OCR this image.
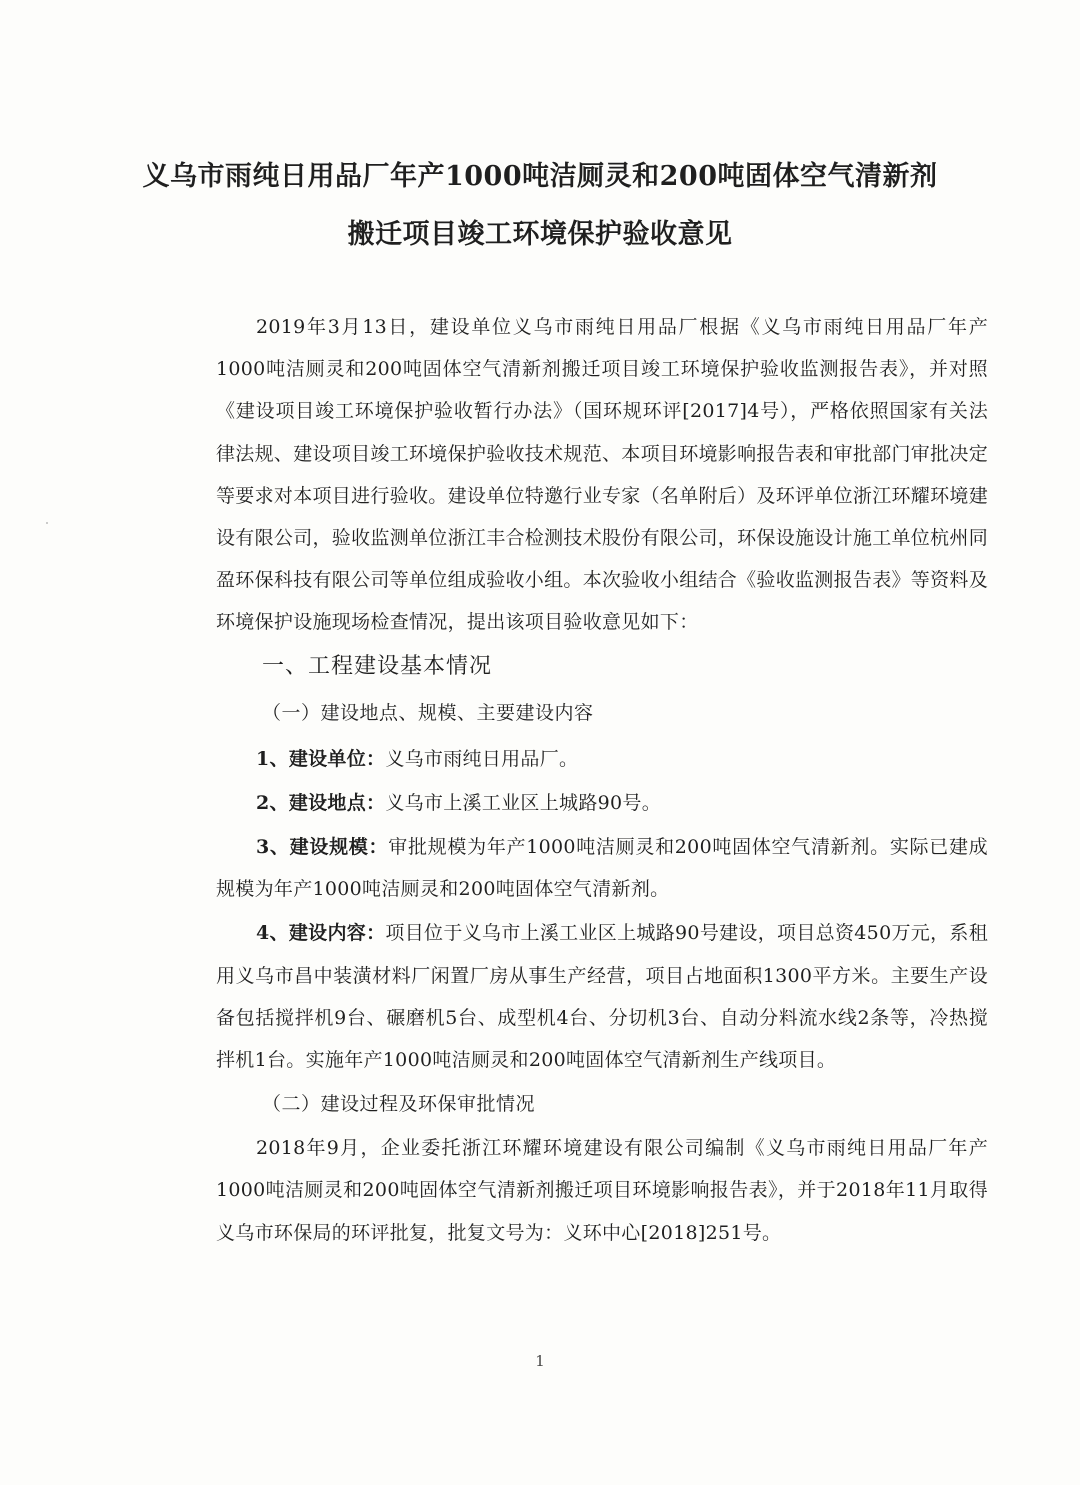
义乌市雨纯日用品厂年产1000吨洁厕灵和200吨固体空气清新剂
搬迁项目竣工环境保护验收意见

2019年3月13日，建设单位义乌市雨纯日用品厂根据《义乌市雨纯日用品厂年产1000吨洁厕灵和200吨固体空气清新剂搬迁项目竣工环境保护验收监测报告表》，并对照《建设项目竣工环境保护验收暂行办法》（国环规环评[2017]4号），严格依照国家有关法律法规、建设项目竣工环境保护验收技术规范、本项目环境影响报告表和审批部门审批决定等要求对本项目进行验收。建设单位特邀行业专家（名单附后）及环评单位浙江环耀环境建设有限公司，验收监测单位浙江丰合检测技术股份有限公司，环保设施设计施工单位杭州同盈环保科技有限公司等单位组成验收小组。本次验收小组结合《验收监测报告表》等资料及环境保护设施现场检查情况，提出该项目验收意见如下：

一、工程建设基本情况
（一）建设地点、规模、主要建设内容

1、建设单位：义乌市雨纯日用品厂。

2、建设地点：义乌市上溪工业区上城路90号。

3、建设规模：审批规模为年产1000吨洁厕灵和200吨固体空气清新剂。实际已建成规模为年产1000吨洁厕灵和200吨固体空气清新剂。

4、建设内容：项目位于义乌市上溪工业区上城路90号建设，项目总资450万元，系租用义乌市昌中装潢材料厂闲置厂房从事生产经营，项目占地面积1300平方米。主要生产设备包括搅拌机9台、碾磨机5台、成型机4台、分切机3台、自动分料流水线2条等，冷热搅拌机1台。实施年产1000吨洁厕灵和200吨固体空气清新剂生产线项目。

（二）建设过程及环保审批情况

2018年9月，企业委托浙江环耀环境建设有限公司编制《义乌市雨纯日用品厂年产1000吨洁厕灵和200吨固体空气清新剂搬迁项目环境影响报告表》，并于2018年11月取得义乌市环保局的环评批复，批复文号为：义环中心[2018]251号。

1
